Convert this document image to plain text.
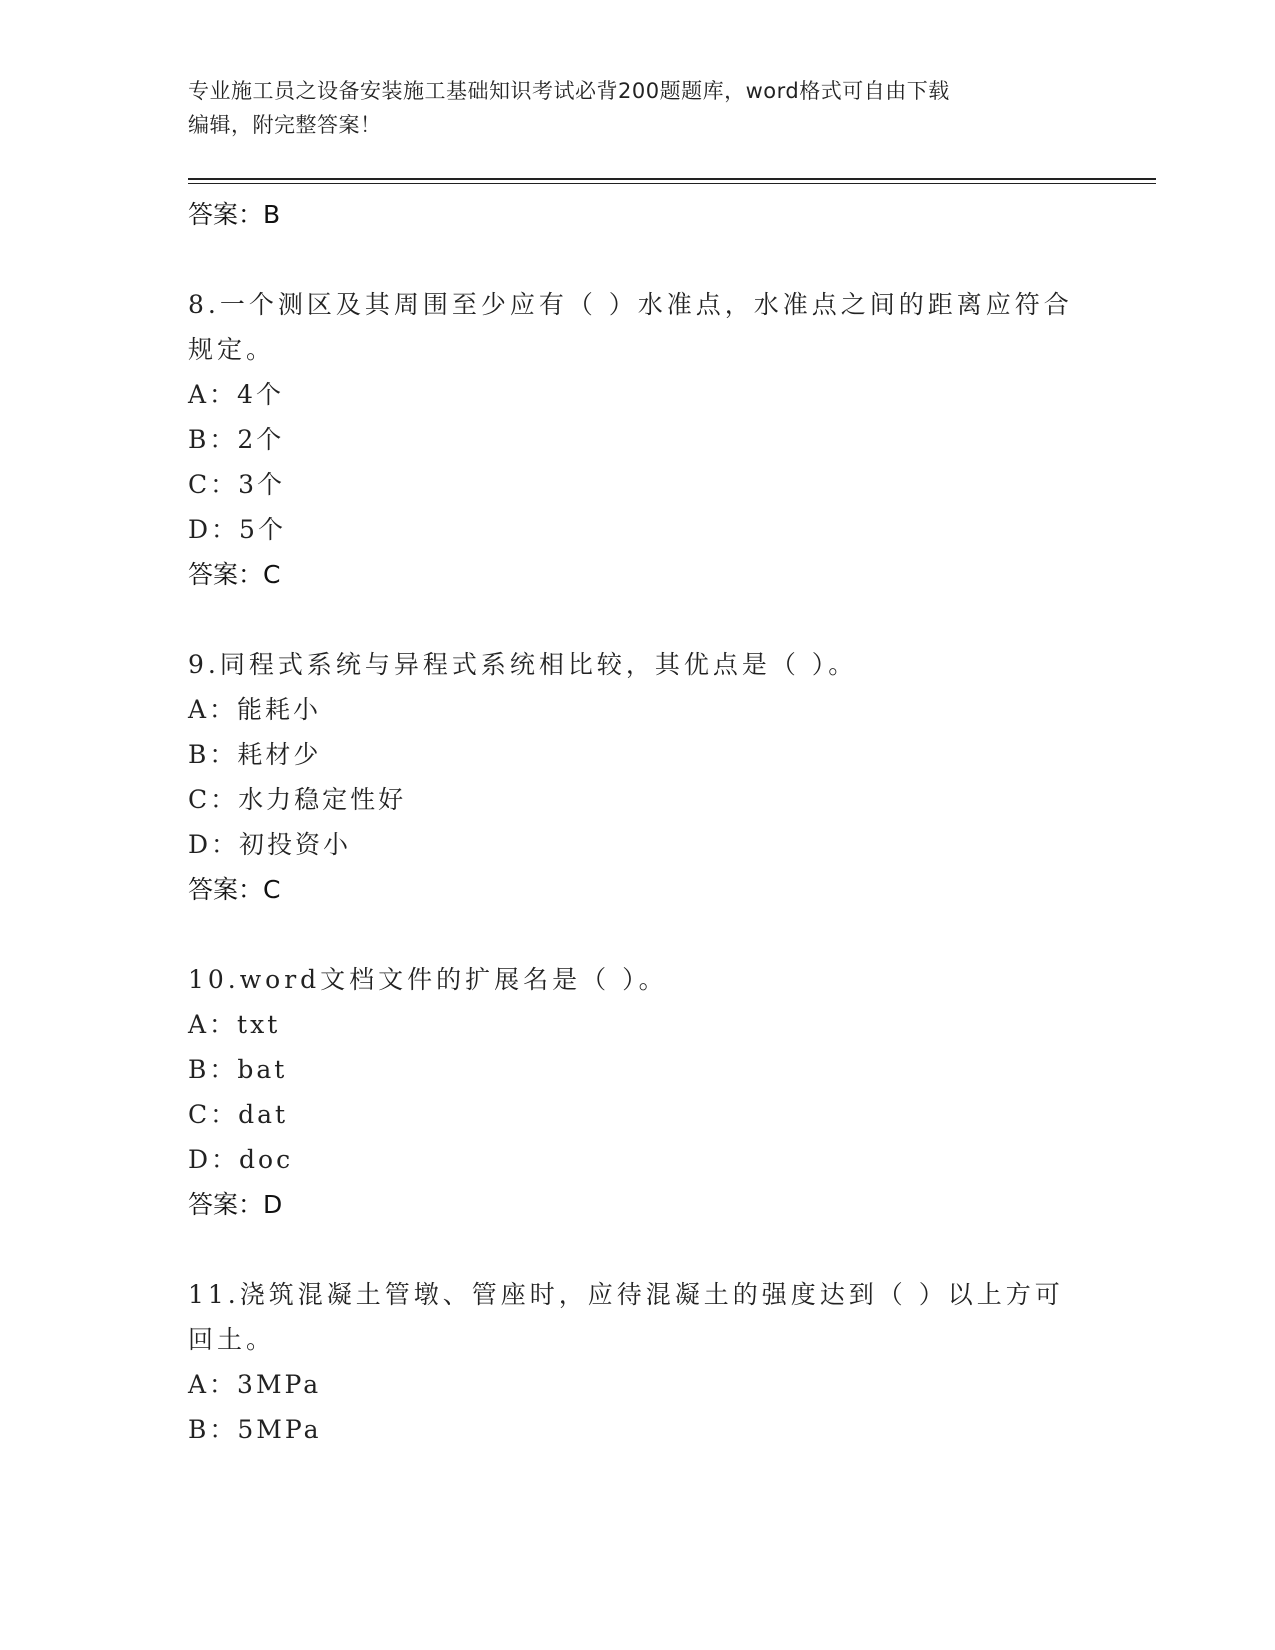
专业施工员之设备安装施工基础知识考试必背200题题库，word格式可自由下载
编辑，附完整答案！
答案：B
8.一个测区及其周围至少应有（ ）水准点，水准点之间的距离应符合
规定。
A：4个
B：2个
C：3个
D：5个
答案：C
9.同程式系统与异程式系统相比较，其优点是（ ）。
A：能耗小
B：耗材少
C：水力稳定性好
D：初投资小
答案：C
10.word文档文件的扩展名是（ ）。
A：txt
B：bat
C：dat
D：doc
答案：D
11.浇筑混凝土管墩、管座时，应待混凝土的强度达到（ ）以上方可
回土。
A：3MPa
B：5MPa
